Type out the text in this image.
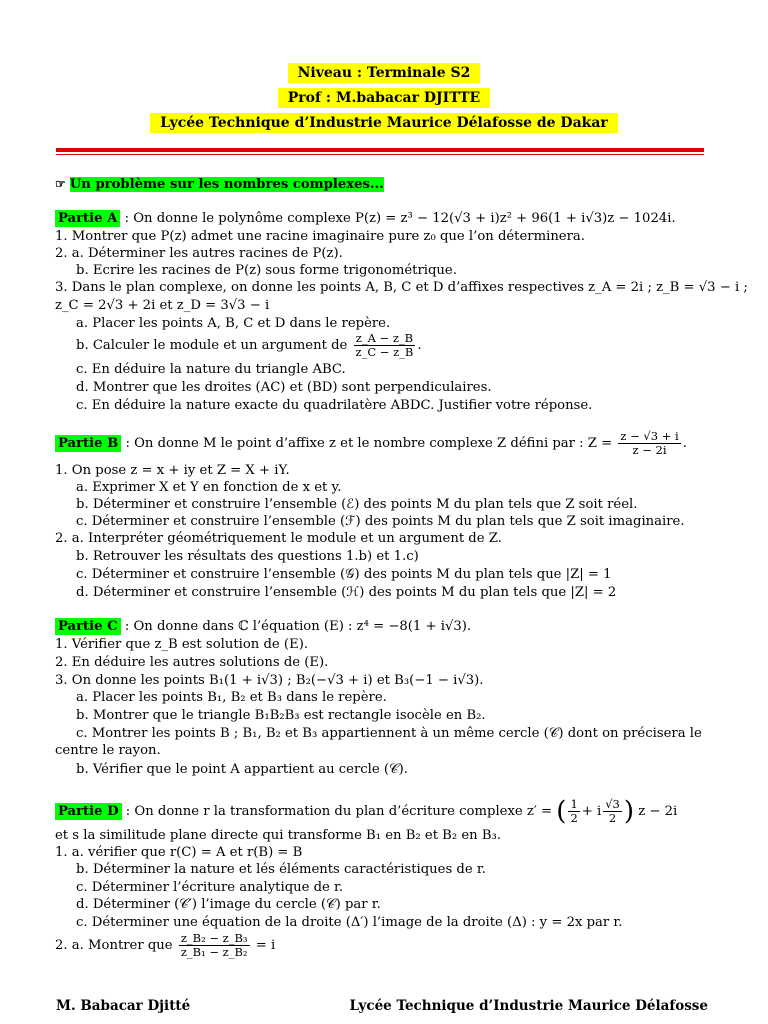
Niveau : Terminale S2
Prof : M.babacar DJITTE
Lycée Technique d’Industrie Maurice Délafosse de Dakar
☞ Un problème sur les nombres complexes...
Partie A : On donne le polynôme complexe P(z) = z³ − 12(√3 + i)z² + 96(1 + i√3)z − 1024i.
1. Montrer que P(z) admet une racine imaginaire pure z₀ que l’on déterminera.
2. a. Déterminer les autres racines de P(z).
b. Ecrire les racines de P(z) sous forme trigonométrique.
3. Dans le plan complexe, on donne les points A, B, C et D d’affixes respectives z_A = 2i ; z_B = √3 − i ;
z_C = 2√3 + 2i et z_D = 3√3 − i
a. Placer les points A, B, C et D dans le repère.
b. Calculer le module et un argument de $\frac{z\_A - z\_B}{z\_C - z\_B}$ .
c. En déduire la nature du triangle ABC.
d. Montrer que les droites (AC) et (BD) sont perpendiculaires.
c. En déduire la nature exacte du quadrilatère ABDC. Justifier votre réponse.
Partie B : On donne M le point d’affixe z et le nombre complexe Z défini par : $Z = \frac{z - √3 + i}{z - 2i}$ .
1. On pose z = x + iy et Z = X + iY.
a. Exprimer X et Y en fonction de x et y.
b. Déterminer et construire l’ensemble (ℰ) des points M du plan tels que Z soit réel.
c. Déterminer et construire l’ensemble (ℱ) des points M du plan tels que Z soit imaginaire.
2. a. Interpréter géométriquement le module et un argument de Z.
b. Retrouver les résultats des questions 1.b) et 1.c)
c. Déterminer et construire l’ensemble (𝒢) des points M du plan tels que |Z| = 1
d. Déterminer et construire l’ensemble (ℋ) des points M du plan tels que |Z| = 2
Partie C : On donne dans ℂ l’équation (E) : z⁴ = −8(1 + i√3).
1. Vérifier que z_B est solution de (E).
2. En déduire les autres solutions de (E).
3. On donne les points B₁(1 + i√3) ; B₂(−√3 + i) et B₃(−1 − i√3).
a. Placer les points B₁, B₂ et B₃ dans le repère.
b. Montrer que le triangle B₁B₂B₃ est rectangle isocèle en B₂.
c. Montrer les points B ; B₁, B₂ et B₃ appartiennent à un même cercle (𝒞) dont on précisera le
centre le rayon.
b. Vérifier que le point A appartient au cercle (𝒞).
Partie D : On donne r la transformation du plan d’écriture complexe z′ = ( $\frac{1}{2} + i \frac{√3}{2}$ ) z − 2i
et s la similitude plane directe qui transforme B₁ en B₂ et B₂ en B₃.
1. a. vérifier que r(C) = A et r(B) = B
b. Déterminer la nature et lés éléments caractéristiques de r.
c. Déterminer l’écriture analytique de r.
d. Déterminer (𝒞′) l’image du cercle (𝒞) par r.
c. Déterminer une équation de la droite (Δ′) l’image de la droite (Δ) : y = 2x par r.
2. a. Montrer que $\frac{\text{z\_B₂ − z\_B₃}}{\text{z\_B₁ − z\_B₂}} = i$
M. Babacar Djitté	Lycée Technique d’Industrie Maurice Délafosse
